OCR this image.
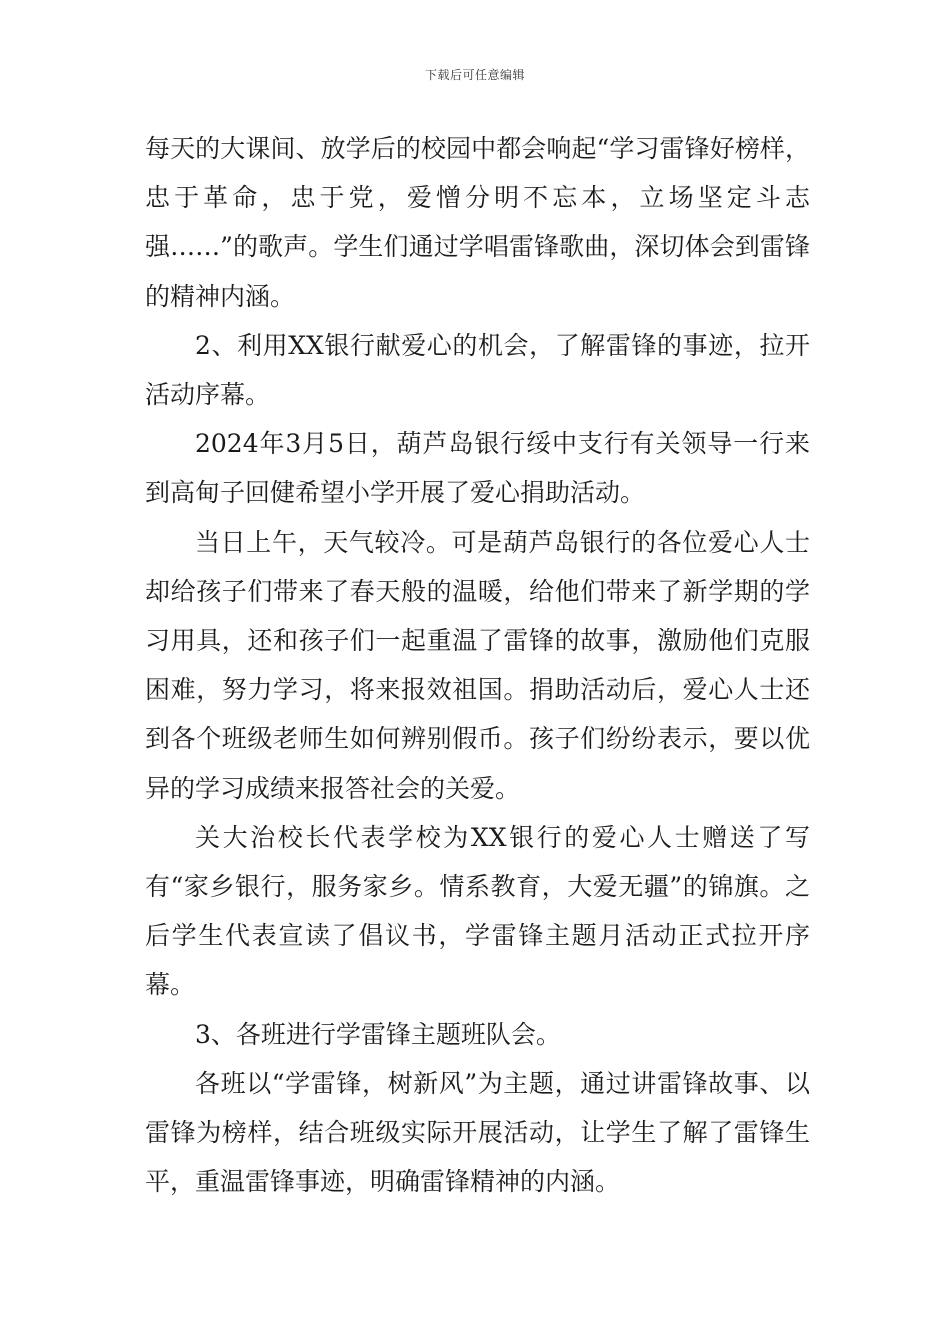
下载后可任意编辑

每天的大课间、放学后的校园中都会响起“学习雷锋好榜样，忠于革命，忠于党，爱憎分明不忘本，立场坚定斗志强……”的歌声。学生们通过学唱雷锋歌曲，深切体会到雷锋的精神内涵。

2、利用XX银行献爱心的机会，了解雷锋的事迹，拉开活动序幕。

2024年3月5日，葫芦岛银行绥中支行有关领导一行来到高甸子回健希望小学开展了爱心捐助活动。

当日上午，天气较冷。可是葫芦岛银行的各位爱心人士却给孩子们带来了春天般的温暖，给他们带来了新学期的学习用具，还和孩子们一起重温了雷锋的故事，激励他们克服困难，努力学习，将来报效祖国。捐助活动后，爱心人士还到各个班级老师生如何辨别假币。孩子们纷纷表示，要以优异的学习成绩来报答社会的关爱。

关大治校长代表学校为XX银行的爱心人士赠送了写有“家乡银行，服务家乡。情系教育，大爱无疆”的锦旗。之后学生代表宣读了倡议书，学雷锋主题月活动正式拉开序幕。

3、各班进行学雷锋主题班队会。

各班以“学雷锋，树新风”为主题，通过讲雷锋故事、以雷锋为榜样，结合班级实际开展活动，让学生了解了雷锋生平，重温雷锋事迹，明确雷锋精神的内涵。
